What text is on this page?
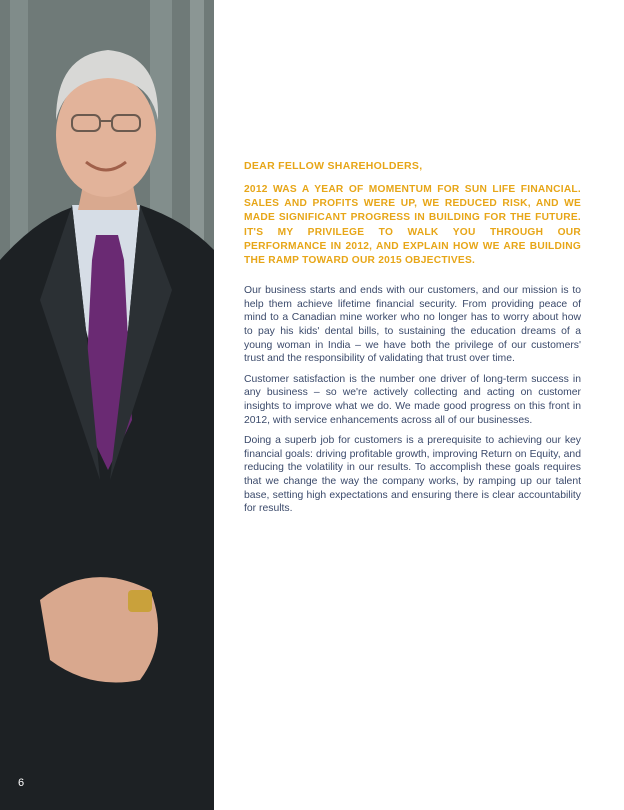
6

DEAR FELLOW SHAREHOLDERS,

2012 WAS A YEAR OF MOMENTUM FOR SUN LIFE FINANCIAL. SALES AND PROFITS WERE UP, WE REDUCED RISK, AND WE MADE SIGNIFICANT PROGRESS IN BUILDING FOR THE FUTURE. IT'S MY PRIVILEGE TO WALK YOU THROUGH OUR PERFORMANCE IN 2012, AND EXPLAIN HOW WE ARE BUILDING THE RAMP TOWARD OUR 2015 OBJECTIVES.

Our business starts and ends with our customers, and our mission is to help them achieve lifetime financial security. From providing peace of mind to a Canadian mine worker who no longer has to worry about how to pay his kids' dental bills, to sustaining the education dreams of a young woman in India – we have both the privilege of our customers' trust and the responsibility of validating that trust over time.

Customer satisfaction is the number one driver of long-term success in any business – so we're actively collecting and acting on customer insights to improve what we do. We made good progress on this front in 2012, with service enhancements across all of our businesses.

Doing a superb job for customers is a prerequisite to achieving our key financial goals: driving profitable growth, improving Return on Equity, and reducing the volatility in our results. To accomplish these goals requires that we change the way the company works, by ramping up our talent base, setting high expectations and ensuring there is clear accountability for results.
